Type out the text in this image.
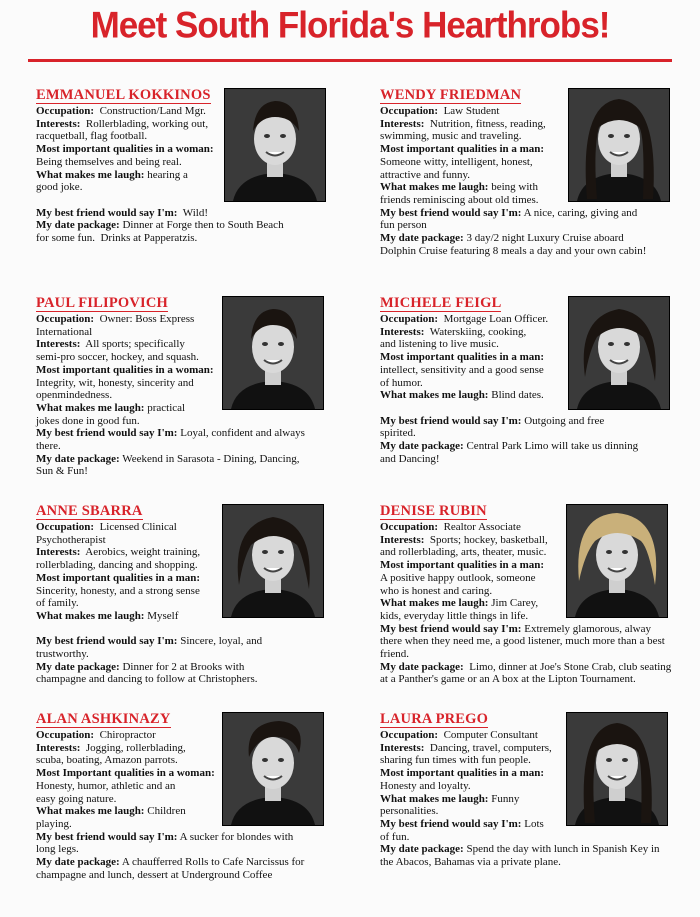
Meet South Florida's Hearthrobs!
EMMANUEL KOKKINOS
Occupation:  Construction/Land Mgr.
Interests:  Rollerblading, working out,
racquetball, flag football.
Most important qualities in a woman:
Being themselves and being real.
What makes me laugh: hearing a
good joke.

My best friend would say I'm:  Wild!
My date package: Dinner at Forge then to South Beach
for some fun.  Drinks at Papperatzis.
WENDY FRIEDMAN
Occupation:  Law Student
Interests:  Nutrition, fitness, reading,
swimming, music and traveling.
Most important qualities in a man:
Someone witty, intelligent, honest,
attractive and funny.
What makes me laugh: being with
friends reminiscing about old times.
My best friend would say I'm: A nice, caring, giving and
fun person
My date package: 3 day/2 night Luxury Cruise aboard
Dolphin Cruise featuring 8 meals a day and your own cabin!
PAUL FILIPOVICH
Occupation:  Owner: Boss Express
International
Interests:  All sports; specifically
semi-pro soccer, hockey, and squash.
Most important qualities in a woman:
Integrity, wit, honesty, sincerity and
openmindedness.
What makes me laugh: practical
jokes done in good fun.
My best friend would say I'm: Loyal, confident and always
there.
My date package: Weekend in Sarasota - Dining, Dancing,
Sun & Fun!
MICHELE FEIGL
Occupation:  Mortgage Loan Officer.
Interests:  Waterskiing, cooking,
and listening to live music.
Most important qualities in a man:
intellect, sensitivity and a good sense
of humor.
What makes me laugh: Blind dates.

My best friend would say I'm: Outgoing and free
spirited.
My date package: Central Park Limo will take us dinning
and Dancing!
ANNE SBARRA
Occupation:  Licensed Clinical
Psychotherapist
Interests:  Aerobics, weight training,
rollerblading, dancing and shopping.
Most important qualities in a man:
Sincerity, honesty, and a strong sense
of family.
What makes me laugh: Myself

My best friend would say I'm: Sincere, loyal, and
trustworthy.
My date package: Dinner for 2 at Brooks with
champagne and dancing to follow at Christophers.
DENISE RUBIN
Occupation:  Realtor Associate
Interests:  Sports; hockey, basketball,
and rollerblading, arts, theater, music.
Most important qualities in a man:
A positive happy outlook, someone
who is honest and caring.
What makes me laugh: Jim Carey,
kids, everyday little things in life.
My best friend would say I'm: Extremely glamorous, alway
there when they need me, a good listener, much more than a best
friend.
My date package:  Limo, dinner at Joe's Stone Crab, club seating
at a Panther's game or an A box at the Lipton Tournament.
ALAN ASHKINAZY
Occupation:  Chiropractor
Interests:  Jogging, rollerblading,
scuba, boating, Amazon parrots.
Most Important qualities in a woman:
Honesty, humor, athletic and an
easy going nature.
What makes me laugh: Children
playing.
My best friend would say I'm: A sucker for blondes with
long legs.
My date package: A chaufferred Rolls to Cafe Narcissus for
champagne and lunch, dessert at Underground Coffee
LAURA PREGO
Occupation:  Computer Consultant
Interests:  Dancing, travel, computers,
sharing fun times with fun people.
Most important qualities in a man:
Honesty and loyalty.
What makes me laugh: Funny
personalities.
My best friend would say I'm: Lots
of fun.
My date package: Spend the day with lunch in Spanish Key in
the Abacos, Bahamas via a private plane.
